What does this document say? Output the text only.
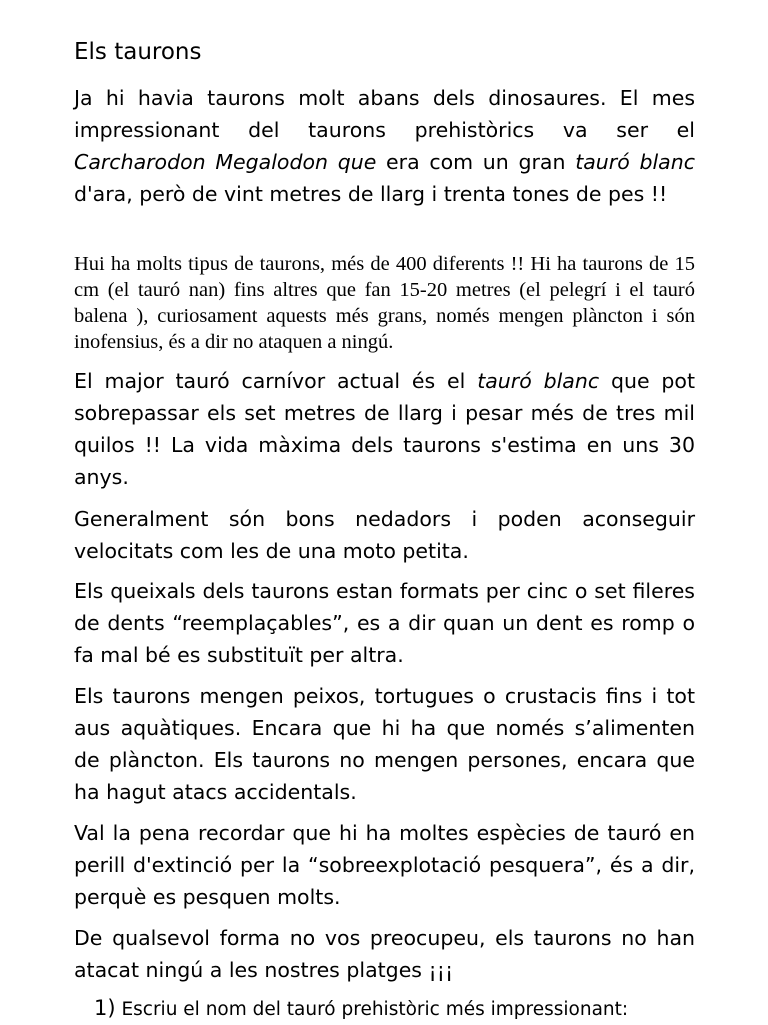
Els taurons

Ja hi havia taurons molt abans dels dinosaures. El mes impressionant del taurons prehistòrics va ser el Carcharodon Megalodon que era com un gran tauró blanc d'ara, però de vint metres de llarg i trenta tones de pes !!

Hui ha molts tipus de taurons, més de 400 diferents !! Hi ha taurons de 15 cm (el tauró nan) fins altres que fan 15-20 metres (el pelegrí i el tauró balena ), curiosament aquests més grans, només mengen plàncton i són inofensius, és a dir no ataquen a ningú.

El major tauró carnívor actual és el tauró blanc que pot sobrepassar els set metres de llarg i pesar més de tres mil quilos !! La vida màxima dels taurons s'estima en uns 30 anys.

Generalment són bons nedadors i poden aconseguir velocitats com les de una moto petita.

Els queixals dels taurons estan formats per cinc o set fileres de dents “reemplaçables”, es a dir quan un dent es romp o fa mal bé es substituït per altra.

Els taurons mengen peixos, tortugues o crustacis fins i tot aus aquàtiques. Encara que hi ha que només s’alimenten de plàncton. Els taurons no mengen persones, encara que ha hagut atacs accidentals.

Val la pena recordar que hi ha moltes espècies de tauró en perill d'extinció per la “sobreexplotació pesquera”, és a dir, perquè es pesquen molts.

De qualsevol forma no vos preocupeu, els taurons no han atacat ningú a les nostres platges ¡¡¡

1) Escriu el nom del tauró prehistòric més impressionant:
